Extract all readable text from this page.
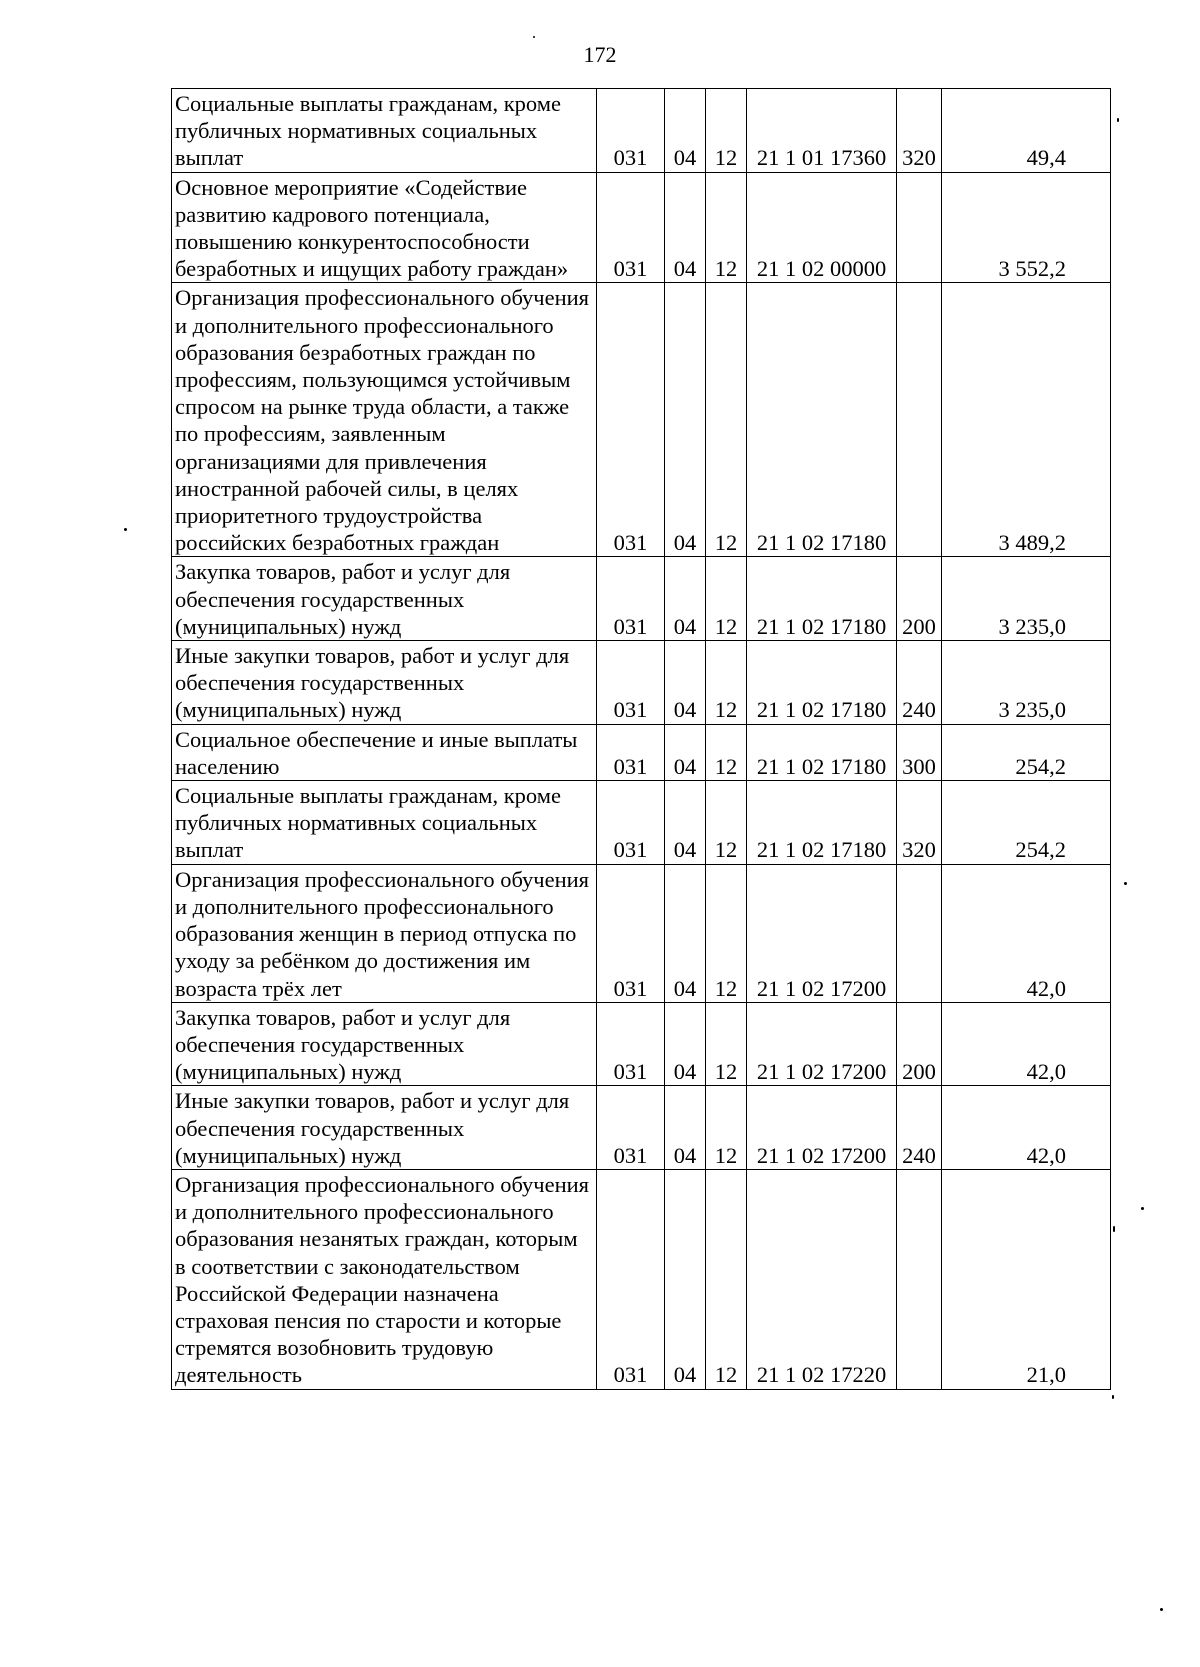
172
Социальные выплаты гражданам, кроме публичных нормативных социальных выплат	031	04	12	21 1 01 17360	320	49,4
Основное мероприятие «Содействие развитию кадрового потенциала, повышению конкурентоспособности безработных и ищущих работу граждан»	031	04	12	21 1 02 00000		3 552,2
Организация профессионального обучения и дополнительного профессионального образования безработных граждан по профессиям, пользующимся устойчивым спросом на рынке труда области, а также по профессиям, заявленным организациями для привлечения иностранной рабочей силы, в целях приоритетного трудоустройства российских безработных граждан	031	04	12	21 1 02 17180		3 489,2
Закупка товаров, работ и услуг для обеспечения государственных (муниципальных) нужд	031	04	12	21 1 02 17180	200	3 235,0
Иные закупки товаров, работ и услуг для обеспечения государственных (муниципальных) нужд	031	04	12	21 1 02 17180	240	3 235,0
Социальное обеспечение и иные выплаты населению	031	04	12	21 1 02 17180	300	254,2
Социальные выплаты гражданам, кроме публичных нормативных социальных выплат	031	04	12	21 1 02 17180	320	254,2
Организация профессионального обучения и дополнительного профессионального образования женщин в период отпуска по уходу за ребёнком до достижения им возраста трёх лет	031	04	12	21 1 02 17200		42,0
Закупка товаров, работ и услуг для обеспечения государственных (муниципальных) нужд	031	04	12	21 1 02 17200	200	42,0
Иные закупки товаров, работ и услуг для обеспечения государственных (муниципальных) нужд	031	04	12	21 1 02 17200	240	42,0
Организация профессионального обучения и дополнительного профессионального образования незанятых граждан, которым в соответствии с законодательством Российской Федерации назначена страховая пенсия по старости и которые стремятся возобновить трудовую деятельность	031	04	12	21 1 02 17220		21,0
